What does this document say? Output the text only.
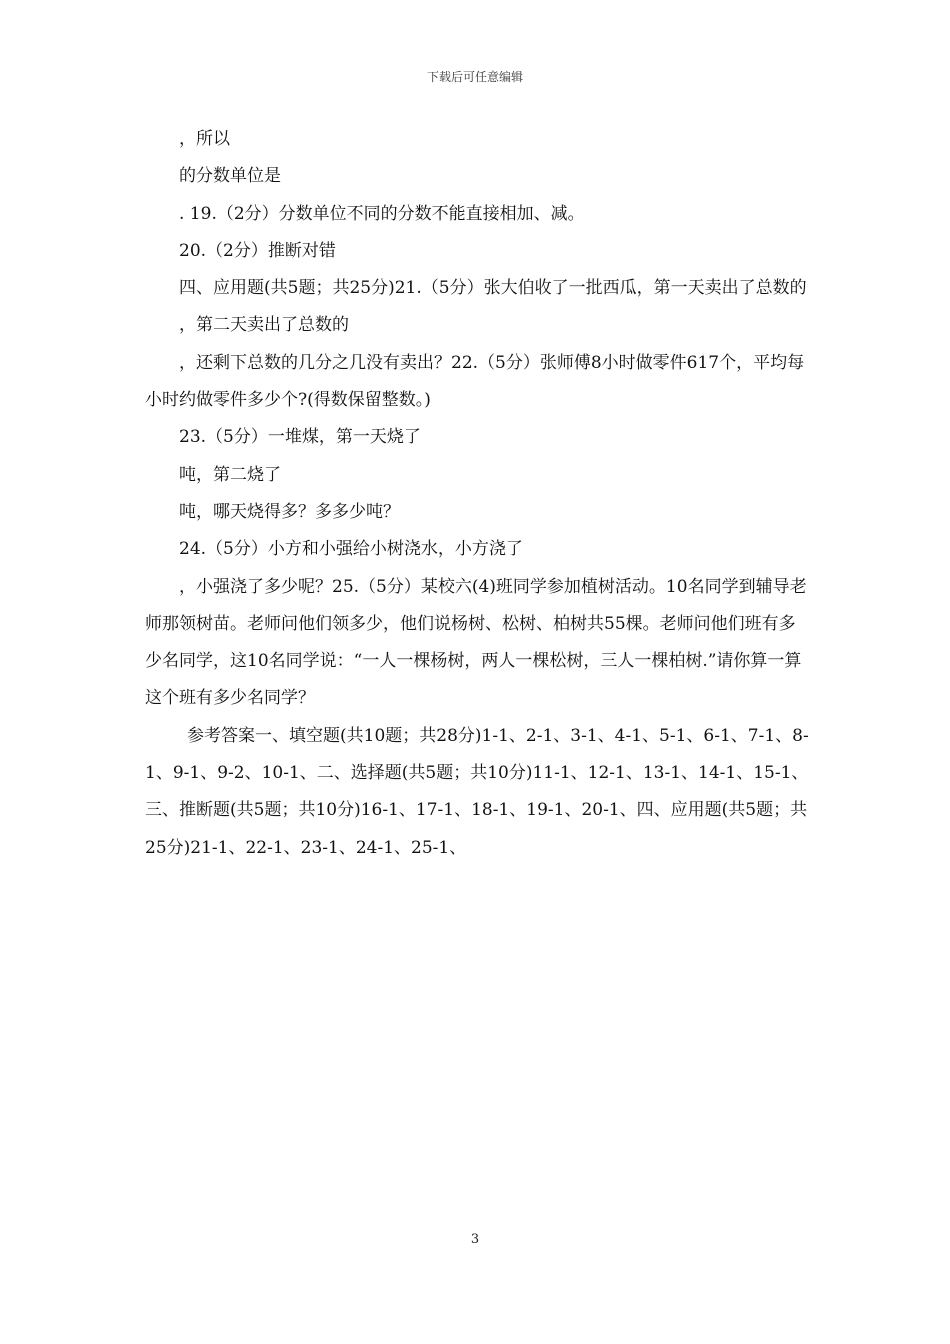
下载后可任意编辑

，所以

的分数单位是

. 19.（2分）分数单位不同的分数不能直接相加、减。

20.（2分）推断对错

四、应用题(共5题；共25分)21.（5分）张大伯收了一批西瓜，第一天卖出了总数的

，第二天卖出了总数的

，还剩下总数的几分之几没有卖出？22.（5分）张师傅8小时做零件617个，平均每小时约做零件多少个?(得数保留整数。)

23.（5分）一堆煤，第一天烧了

吨，第二烧了

吨，哪天烧得多？多多少吨？

24.（5分）小方和小强给小树浇水，小方浇了

，小强浇了多少呢？25.（5分）某校六(4)班同学参加植树活动。10名同学到辅导老师那领树苗。老师问他们领多少，他们说杨树、松树、柏树共55棵。老师问他们班有多少名同学，这10名同学说：“一人一棵杨树，两人一棵松树，三人一棵柏树.”请你算一算这个班有多少名同学？

参考答案一、填空题(共10题；共28分)1-1、2-1、3-1、4-1、5-1、6-1、7-1、8-1、9-1、9-2、10-1、二、选择题(共5题；共10分)11-1、12-1、13-1、14-1、15-1、三、推断题(共5题；共10分)16-1、17-1、18-1、19-1、20-1、四、应用题(共5题；共25分)21-1、22-1、23-1、24-1、25-1、

3
